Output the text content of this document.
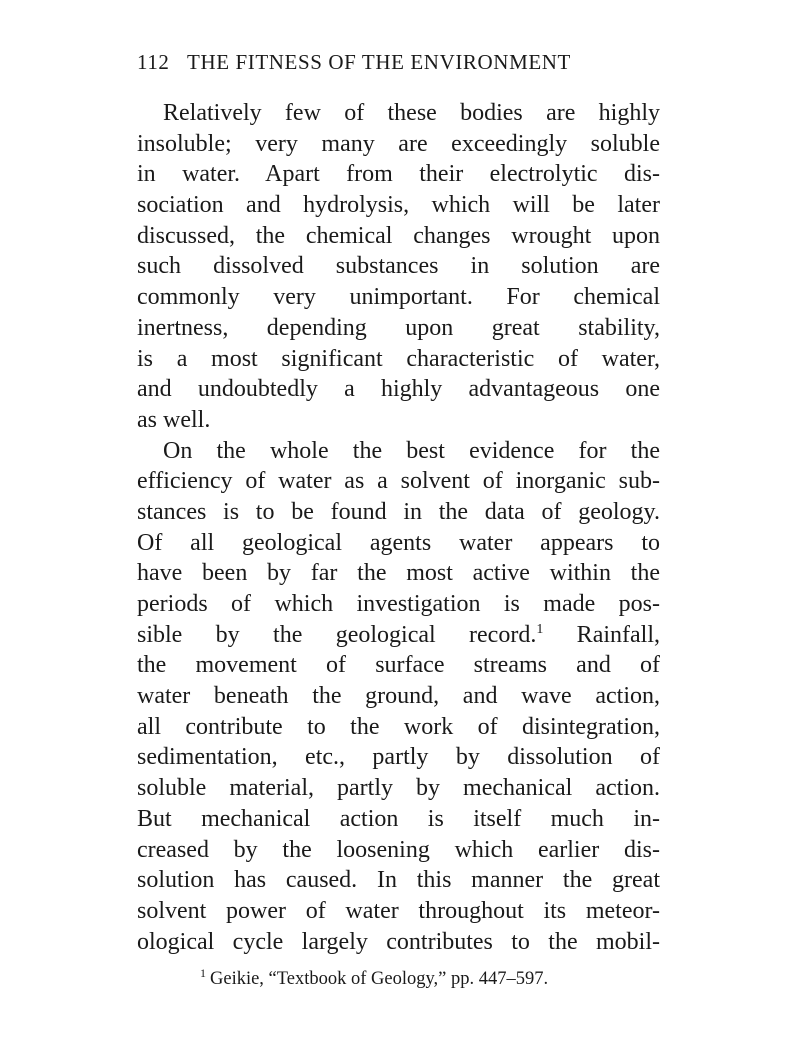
112 THE FITNESS OF THE ENVIRONMENT
Relatively few of these bodies are highly
insoluble; very many are exceedingly soluble
in water. Apart from their electrolytic dis-
sociation and hydrolysis, which will be later
discussed, the chemical changes wrought upon
such dissolved substances in solution are
commonly very unimportant. For chemical
inertness, depending upon great stability,
is a most significant characteristic of water,
and undoubtedly a highly advantageous one
as well.
On the whole the best evidence for the
efficiency of water as a solvent of inorganic sub-
stances is to be found in the data of geology.
Of all geological agents water appears to
have been by far the most active within the
periods of which investigation is made pos-
sible by the geological record.$^1$ Rainfall,
the movement of surface streams and of
water beneath the ground, and wave action,
all contribute to the work of disintegration,
sedimentation, etc., partly by dissolution of
soluble material, partly by mechanical action.
But mechanical action is itself much in-
creased by the loosening which earlier dis-
solution has caused. In this manner the great
solvent power of water throughout its meteor-
ological cycle largely contributes to the mobil-
$^1$ Geikie, “Textbook of Geology,” pp. 447–597.
